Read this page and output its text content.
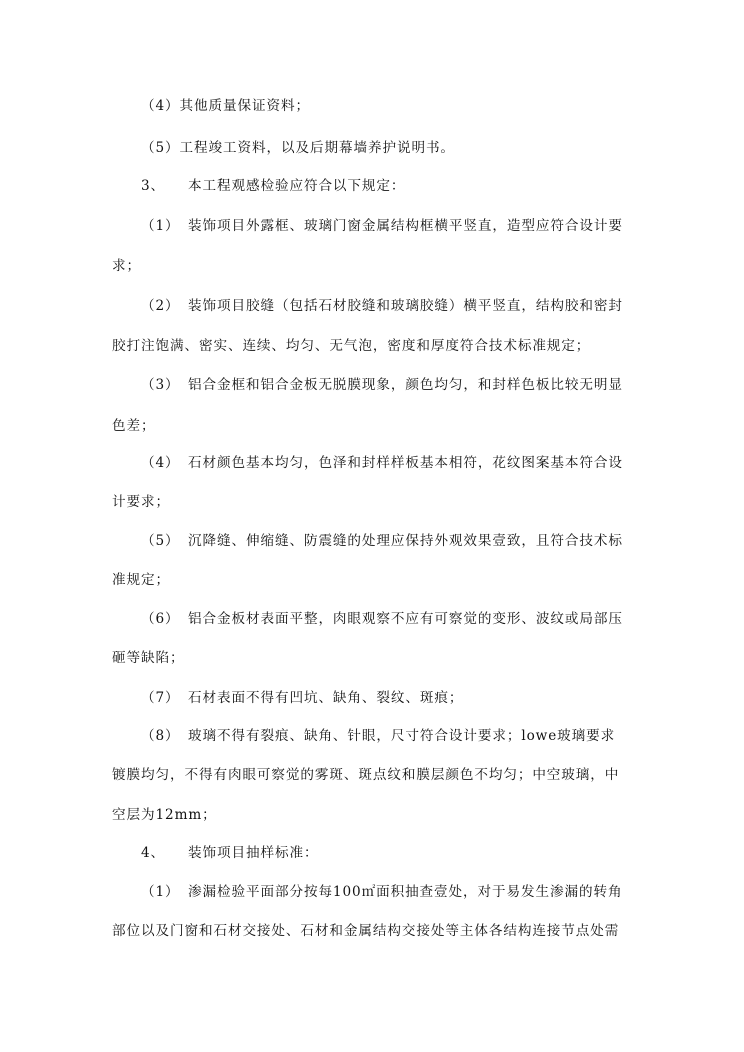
（4）其他质量保证资料；
（5）工程竣工资料，以及后期幕墙养护说明书。
3、 本工程观感检验应符合以下规定：
（1） 装饰项目外露框、玻璃门窗金属结构框横平竖直，造型应符合设计要
求；
（2） 装饰项目胶缝（包括石材胶缝和玻璃胶缝）横平竖直，结构胶和密封
胶打注饱满、密实、连续、均匀、无气泡，密度和厚度符合技术标准规定；
（3） 铝合金框和铝合金板无脱膜现象，颜色均匀，和封样色板比较无明显
色差；
（4） 石材颜色基本均匀，色泽和封样样板基本相符，花纹图案基本符合设
计要求；
（5） 沉降缝、伸缩缝、防震缝的处理应保持外观效果壹致，且符合技术标
准规定；
（6） 铝合金板材表面平整，肉眼观察不应有可察觉的变形、波纹或局部压
砸等缺陷；
（7） 石材表面不得有凹坑、缺角、裂纹、斑痕；
（8） 玻璃不得有裂痕、缺角、针眼，尺寸符合设计要求；lowe玻璃要求
镀膜均匀，不得有肉眼可察觉的雾斑、斑点纹和膜层颜色不均匀；中空玻璃，中
空层为12mm；
4、 装饰项目抽样标准：
（1） 渗漏检验平面部分按每100㎡面积抽查壹处，对于易发生渗漏的转角
部位以及门窗和石材交接处、石材和金属结构交接处等主体各结构连接节点处需
